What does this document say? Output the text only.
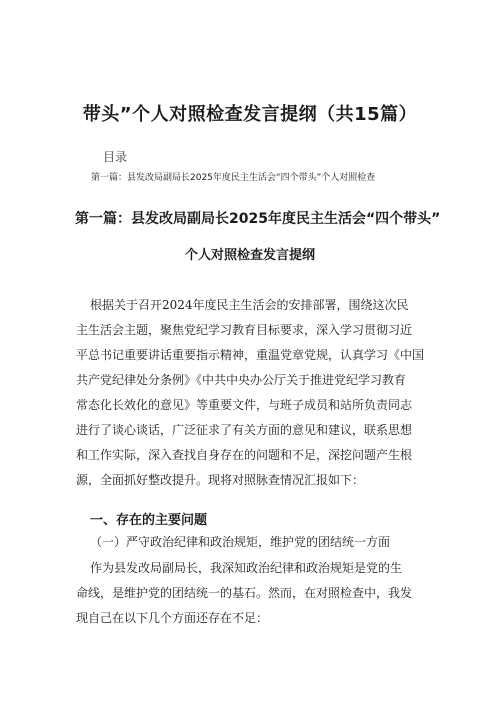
带头”个人对照检查发言提纲（共15篇）
目录
第一篇：县发改局副局长2025年度民主生活会“四个带头”个人对照检查
第一篇：县发改局副局长2025年度民主生活会“四个带头”
个人对照检查发言提纲
根据关于召开2024年度民主生活会的安排部署，围绕这次民
主生活会主题，聚焦党纪学习教育目标要求，深入学习贯彻习近
平总书记重要讲话重要指示精神，重温党章党规，认真学习《中国
共产党纪律处分条例》《中共中央办公厅关于推进党纪学习教育
常态化长效化的意见》等重要文件，与班子成员和站所负责同志
进行了谈心谈话，广泛征求了有关方面的意见和建议，联系思想
和工作实际，深入查找自身存在的问题和不足，深挖问题产生根
源，全面抓好整改提升。现将对照脉查情况汇报如下：
一、存在的主要问题
（一）严守政治纪律和政治规矩，维护党的团结统一方面
作为县发改局副局长，我深知政治纪律和政治规矩是党的生
命线，是维护党的团结统一的基石。然而，在对照检查中，我发
现自己在以下几个方面还存在不足：
